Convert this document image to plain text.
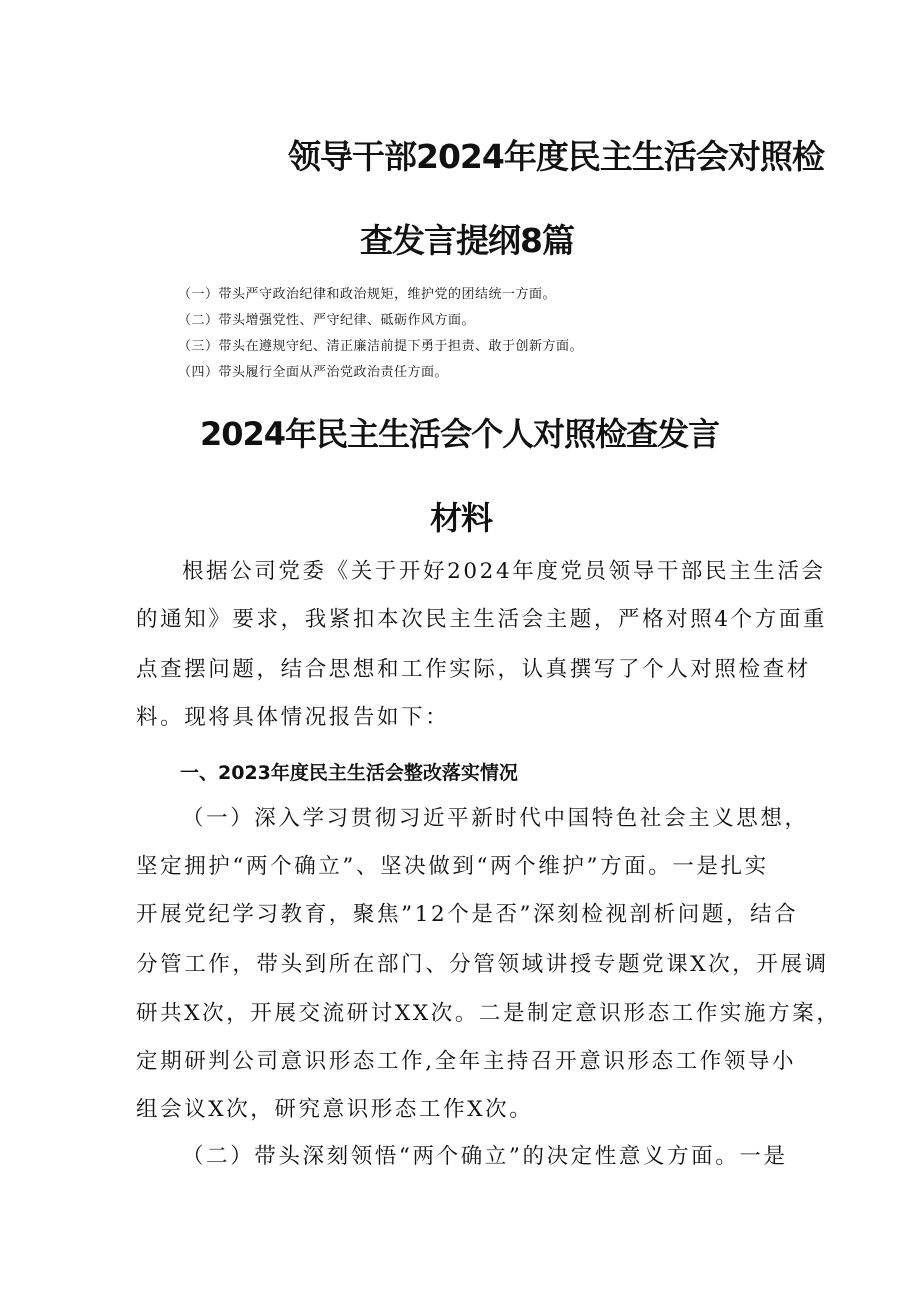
领导干部2024年度民主生活会对照检
查发言提纲8篇
（一）带头严守政治纪律和政治规矩，维护党的团结统一方面。
（二）带头增强党性、严守纪律、砥砺作风方面。
（三）带头在遵规守纪、清正廉洁前提下勇于担责、敢于创新方面。
（四）带头履行全面从严治党政治责任方面。
2024年民主生活会个人对照检查发言
材料
根据公司党委《关于开好2024年度党员领导干部民主生活会
的通知》要求，我紧扣本次民主生活会主题，严格对照4个方面重
点查摆问题，结合思想和工作实际，认真撰写了个人对照检查材
料。现将具体情况报告如下：
一、2023年度民主生活会整改落实情况
（一）深入学习贯彻习近平新时代中国特色社会主义思想，
坚定拥护“两个确立”、坚决做到“两个维护”方面。一是扎实
开展党纪学习教育，聚焦”12个是否”深刻检视剖析问题，结合
分管工作，带头到所在部门、分管领域讲授专题党课X次，开展调
研共X次，开展交流研讨XX次。二是制定意识形态工作实施方案，
定期研判公司意识形态工作,全年主持召开意识形态工作领导小
组会议X次，研究意识形态工作X次。
（二）带头深刻领悟“两个确立”的决定性意义方面。一是
